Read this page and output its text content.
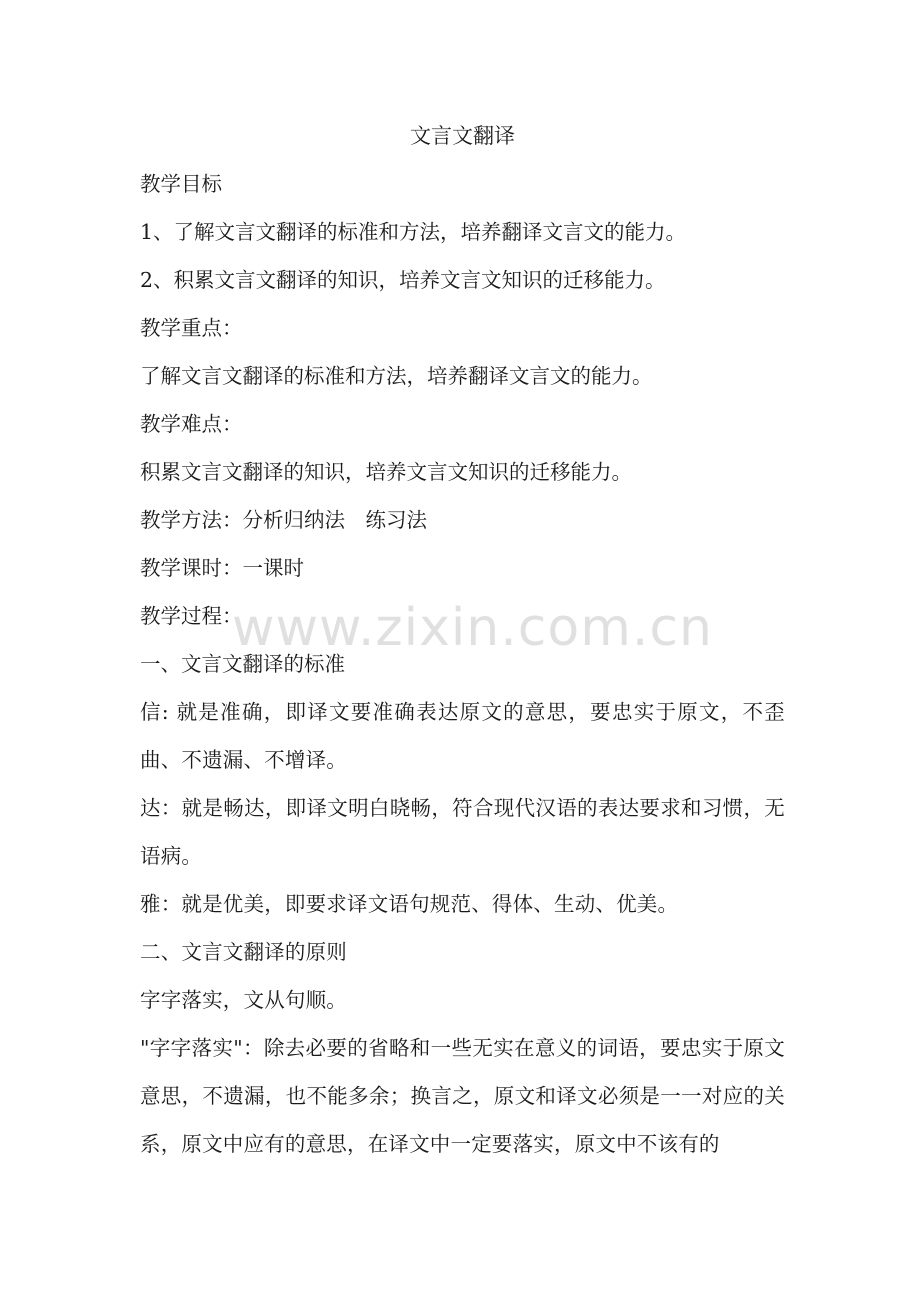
文言文翻译

教学目标

1、了解文言文翻译的标准和方法，培养翻译文言文的能力。

2、积累文言文翻译的知识，培养文言文知识的迁移能力。

教学重点：

了解文言文翻译的标准和方法，培养翻译文言文的能力。

教学难点：

积累文言文翻译的知识，培养文言文知识的迁移能力。

教学方法：分析归纳法　练习法

教学课时：一课时

教学过程：

一、文言文翻译的标准

信: 就是准确，即译文要准确表达原文的意思，要忠实于原文，不歪曲、不遗漏、不增译。

达：就是畅达，即译文明白晓畅，符合现代汉语的表达要求和习惯，无语病。

雅：就是优美，即要求译文语句规范、得体、生动、优美。

二、文言文翻译的原则

字字落实，文从句顺。

"字字落实"：除去必要的省略和一些无实在意义的词语，要忠实于原文意思，不遗漏，也不能多余；换言之，原文和译文必须是一一对应的关系，原文中应有的意思，在译文中一定要落实，原文中不该有的

www.zixin.com.cn
